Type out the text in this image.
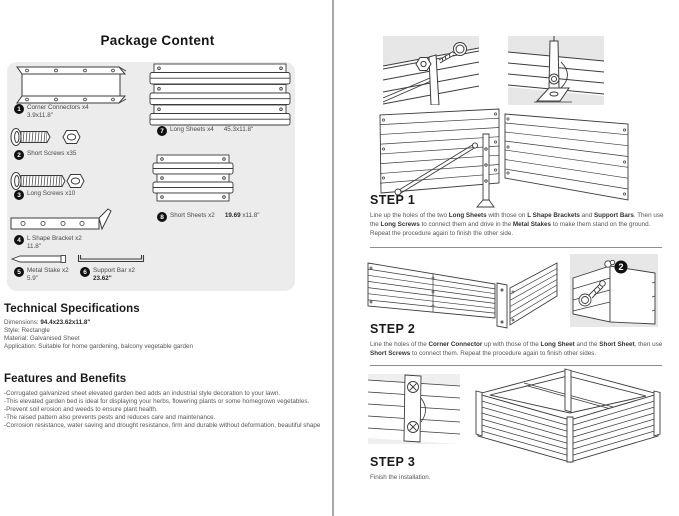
Package Content
1 Corner Connectors x4
3.9x11.8"
2 Short Screws x35
3 Long Screws x10
4 L Shape Bracket x2
11.8"
5 Metal Stake x2
5.9"
6 Support Bar x2
23.62"
7 Long Sheets x4 45.3x11.8"
8 Short Sheets x2 19.69 x11.8"
Technical Specifications
Dimensions: 94.4x23.62x11.8"
Style: Rectangle
Material: Galvanised Sheet
Application: Suitable for home gardening, balcony vegetable garden
Features and Benefits
-Corrugated galvanized sheet elevated garden bed adds an industrial style decoration to your lawn.
-This elevated garden bed is ideal for displaying your herbs, flowering plants or some homegrown vegetables.
-Prevent soil erosion and weeds to ensure plant health.
-The raised pattern also prevents pests and reduces care and maintenance.
-Corrosion resistance, water saving and drought resistance, firm and durable without deformation, beautiful shape
STEP 1
Line up the holes of the two Long Sheets with those on L Shape Brackets and Support Bars. Then use the Long Screws to connect them and drive in the Metal Stakes to make them stand on the ground. Repeat the procedure again to finish the other side.
2
STEP 2
Line the holes of the Corner Connector up with those of the Long Sheet and the Short Sheet, then use Short Screws to connect them. Repeat the procedure again to finish other sides.
STEP 3
Finish the installation.
